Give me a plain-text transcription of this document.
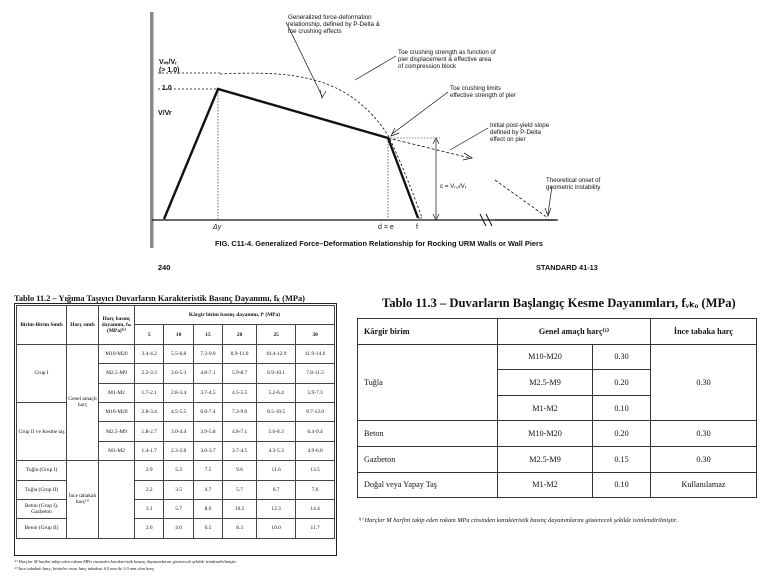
Vₙₜ/Vᵣ
(> 1.0)
1.0
V/Vr
Δy	d = e	f
c = Vᵣ,ᵣ/Vᵣ
Generalized force-deformation
relationship, defined by P-Delta &
toe crushing effects
Toe crushing strength as function of
pier displacement & effective area
of compression block
Toe crushing limits
effective strength of pier
Initial post-yield slope
defined by P-Delta
effect on pier
Theoretical onset of
geometric instability
FIG. C11-4. Generalized Force–Deformation Relationship for Rocking URM Walls or Wall Piers
240	STANDARD 41-13
Tablo 11.2 – Yığıma Taşıyıcı Duvarların Karakteristik Basınç Dayanımı, fₖ (MPa)
Birim-Birim Sınıfı	Harç sınıfı	Harç basınç dayanımı, fₘ (MPa)⁽¹⁾	Kârgir birim basınç dayanımı, fᵇ (MPa)					
			5	10	15	20	25	30
Grup I	Genel amaçlı harç	M10-M20	3.4-4.2	5.5-6.8	7.3-9.0	8.9-11.0	10.4-12.9	11.9-14.6
		M2.5-M9	2.2-3.3	3.6-5.3	4.8-7.1	5.9-8.7	6.9-10.1	7.8-11.5
		M1-M2	1.7-2.1	2.8-3.4	3.7-4.5	4.5-5.5	5.2-6.4	5.9-7.3
Grup II ve Kesme taş		M10-M20	2.8-3.4	4.5-5.5	6.0-7.4	7.3-9.0	8.5-10.5	9.7-12.0
		M2.5-M9	1.8-2.7	3.0-4.4	3.9-5.8	4.8-7.1	5.6-8.3	6.4-9.4
		M1-M2	1.4-1.7	2.3-2.8	3.0-3.7	3.7-4.5	4.3-5.3	4.9-6.0
Tuğla (Grup I)	İnce tabakalı harç⁽²⁾		2.9	5.3	7.5	9.6	11.6	13.5
Tuğla (Grup II)			2.2	3.5	4.7	5.7	6.7	7.6
Beton (Grup I), Gazbeton			3.1	5.7	8.0	10.2	12.3	14.4
Beton (Grup II)			2.6	4.6	6.5	8.3	10.0	11.7
⁽¹⁾ Harçlar M harfini takip eden rakam MPa cinsinden karakteristik basınç dayanımlarını gösterecek şekilde isimlendirilmiştir.
⁽²⁾ İnce tabakalı harç, birimler arası harç tabakası 0.5 mm ile 3.0 mm olan harç
Tablo 11.3 – Duvarların Başlangıç Kesme Dayanımları, fᵥₖₒ (MPa)
Kârgir birim	Genel amaçlı harç⁽¹⁾		İnce tabaka harç
Tuğla	M10-M20	0.30	0.30
	M2.5-M9	0.20	
	M1-M2	0.10	
Beton	M10-M20	0.20	0.30
Gazbeton	M2.5-M9	0.15	0.30
Doğal veya Yapay Taş	M1-M2	0.10	Kullanılamaz
⁽¹⁾ Harçlar M harfini takip eden rakam MPa cinsinden karakteristik basınç dayanımlarını gösterecek şekilde isimlendirilmiştir.
